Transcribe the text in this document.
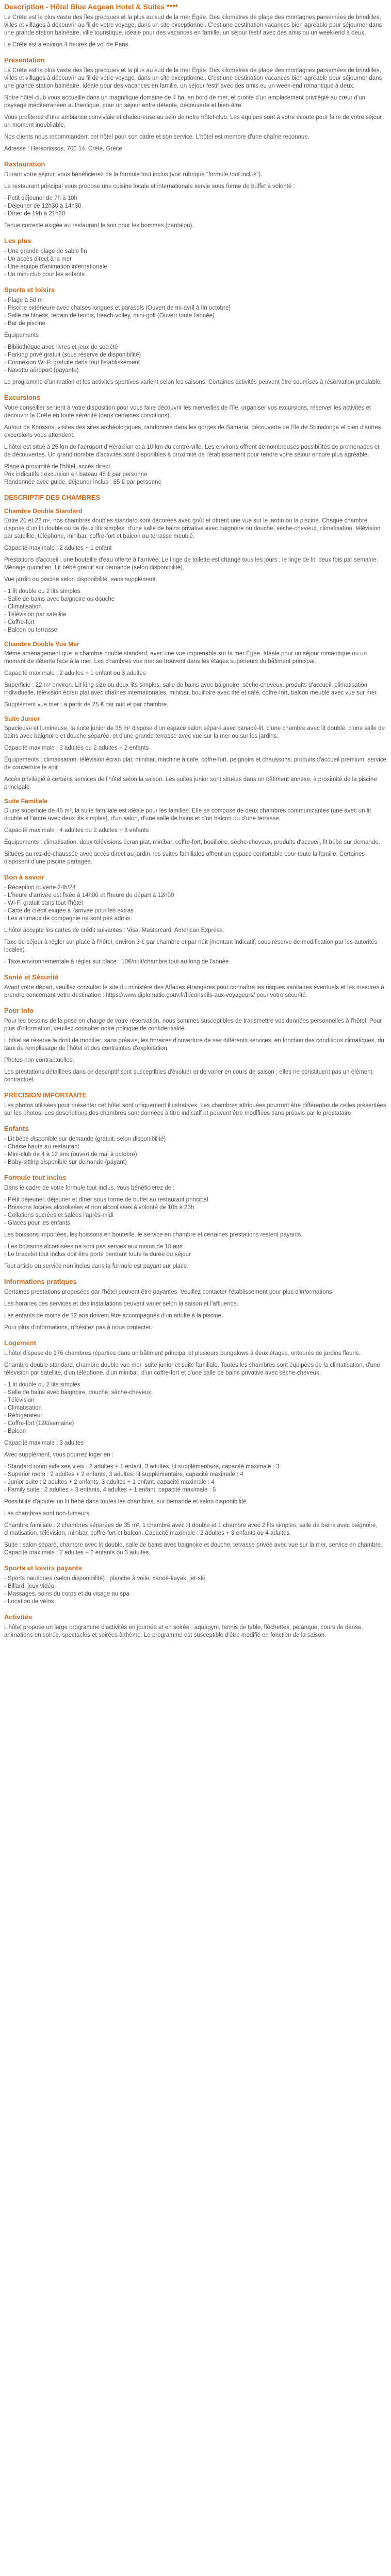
Description - Hôtel Blue Aegean Hotel & Suites ****

Le Crète est le plus vaste des îles grecques et la plus au sud de la mer Égée. Des kilomètres de plage des montagnes parsemées de brindilles, villes et villages à découvrir au fil de votre voyage, dans un site exceptionnel. C'est une destination vacances bien agréable pour séjourner dans une grande station balnéaire, ville touristique, idéale pour des vacances en famille, un séjour festif avec des amis ou un week-end à deux.

Le Crète est à environ 4 heures de vol de Paris.

Présentation

La Crète est la plus vaste des îles grecques et la plus au sud de la mer Égée. Des kilomètres de plage des montagnes parsemées de brindilles, villes et villages à découvrir au fil de votre voyage, dans un site exceptionnel. C'est une destination vacances bien agréable pour séjourner dans une grande station balnéaire, idéale pour des vacances en famille, un séjour festif avec des amis ou un week-end romantique à deux.

Notre hôtel-club vous accueille dans un magnifique domaine de 4 ha, en bord de mer, et profite d'un emplacement privilégié au cœur d'un paysage méditerranéen authentique, pour un séjour entre détente, découverte et bien-être.

Vous profiterez d'une ambiance conviviale et chaleureuse au sein de notre hôtel-club. Les équipes sont à votre écoute pour faire de votre séjour un moment inoubliable.

Nos clients nous recommandent cet hôtel pour son cadre et son service. L'hôtel est membre d'une chaîne reconnue.

Adresse : Hersonissos, 700 14, Crète, Grèce

Restauration

Durant votre séjour, vous bénéficierez de la formule tout inclus (voir rubrique "formule tout inclus").

Le restaurant principal vous propose une cuisine locale et internationale servie sous forme de buffet à volonté :

- Petit déjeuner de 7h à 10h
- Déjeuner de 12h30 à 14h30
- Dîner de 19h à 21h30

Tenue correcte exigée au restaurant le soir pour les hommes (pantalon).

Les plus

- Une grande plage de sable fin
- Un accès direct à la mer
- Une équipe d'animation internationale
- Un mini-club pour les enfants

Sports et loisirs

- Plage à 50 m
- Piscine extérieure avec chaises longues et parasols (Ouvert de mi-avril à fin octobre)
- Salle de fitness, terrain de tennis, beach-volley, mini-golf (Ouvert toute l'année)
- Bar de piscine

Équipements

- Bibliothèque avec livres et jeux de société
- Parking privé gratuit (sous réserve de disponibilité)
- Connexion Wi-Fi gratuite dans tout l'établissement
- Navette aéroport (payante)

Le programme d'animation et les activités sportives varient selon les saisons. Certaines activités peuvent être soumises à réservation préalable.

Excursions

Votre conseiller se tient à votre disposition pour vous faire découvrir les merveilles de l'île, organiser vos excursions, réserver les activités et découvrir la Crète en toute sérénité (dans certaines conditions).

Autour de Knossos, visites des sites archéologiques, randonnée dans les gorges de Samaria, découverte de l'île de Spinalonga et bien d'autres excursions vous attendent.

L'hôtel est situé à 25 km de l'aéroport d'Héraklion et à 10 km du centre-ville. Les environs offrent de nombreuses possibilités de promenades et de découvertes. Un grand nombre d'activités sont disponibles à proximité de l'établissement pour rendre votre séjour encore plus agréable.

Plage à proximité de l'hôtel, accès direct.
Prix indicatifs : excursion en bateau 45 € par personne
Randonnée avec guide, déjeuner inclus : 65 € par personne

DESCRIPTIF DES CHAMBRES
Chambre Double Standard

Entre 20 et 22 m², nos chambres doubles standard sont décorées avec goût et offrent une vue sur le jardin ou la piscine. Chaque chambre dispose d'un lit double ou de deux lits simples, d'une salle de bains privative avec baignoire ou douche, sèche-cheveux, climatisation, télévision par satellite, téléphone, minibar, coffre-fort et balcon ou terrasse meublé.

Capacité maximale : 2 adultes + 1 enfant

Prestations d'accueil : une bouteille d'eau offerte à l'arrivée. Le linge de toilette est changé tous les jours ; le linge de lit, deux fois par semaine. Ménage quotidien. Lit bébé gratuit sur demande (selon disponibilité).

Vue jardin ou piscine selon disponibilité, sans supplément.

- 1 lit double ou 2 lits simples
- Salle de bains avec baignoire ou douche
- Climatisation
- Télévision par satellite
- Coffre-fort
- Balcon ou terrasse

Chambre Double Vue Mer

Même aménagement que la chambre double standard, avec une vue imprenable sur la mer Égée. Idéale pour un séjour romantique ou un moment de détente face à la mer. Les chambres vue mer se trouvent dans les étages supérieurs du bâtiment principal.

Capacité maximale : 2 adultes + 1 enfant ou 3 adultes

Superficie : 22 m² environ. Lit king size ou deux lits simples, salle de bains avec baignoire, sèche-cheveux, produits d'accueil, climatisation individuelle, télévision écran plat avec chaînes internationales, minibar, bouilloire avec thé et café, coffre-fort, balcon meublé avec vue sur mer.

Supplément vue mer : à partir de 25 € par nuit et par chambre.

Suite Junior

Spacieuse et lumineuse, la suite junior de 35 m² dispose d'un espace salon séparé avec canapé-lit, d'une chambre avec lit double, d'une salle de bains avec baignoire et douche séparée, et d'une grande terrasse avec vue sur la mer ou sur les jardins.

Capacité maximale : 3 adultes ou 2 adultes + 2 enfants

Équipements : climatisation, télévision écran plat, minibar, machine à café, coffre-fort, peignoirs et chaussons, produits d'accueil premium, service de couverture le soir.

Accès privilégié à certains services de l'hôtel selon la saison. Les suites junior sont situées dans un bâtiment annexe, à proximité de la piscine principale.

Suite Familiale

D'une superficie de 45 m², la suite familiale est idéale pour les familles. Elle se compose de deux chambres communicantes (une avec un lit double et l'autre avec deux lits simples), d'un salon, d'une salle de bains et d'un balcon ou d'une terrasse.

Capacité maximale : 4 adultes ou 2 adultes + 3 enfants

Équipements : climatisation, deux télévisions écran plat, minibar, coffre-fort, bouilloire, sèche-cheveux, produits d'accueil, lit bébé sur demande.

Situées au rez-de-chaussée avec accès direct au jardin, les suites familiales offrent un espace confortable pour toute la famille. Certaines disposent d'une piscine partagée.

Bon à savoir

- Réception ouverte 24h/24
- L'heure d'arrivée est fixée à 14h00 et l'heure de départ à 12h00
- Wi-Fi gratuit dans tout l'hôtel
- Carte de crédit exigée à l'arrivée pour les extras
- Les animaux de compagnie ne sont pas admis

L'hôtel accepte les cartes de crédit suivantes : Visa, Mastercard, American Express.

Taxe de séjour à régler sur place à l'hôtel, environ 3 € par chambre et par nuit (montant indicatif, sous réserve de modification par les autorités locales).

- Taxe environnementale à régler sur place : 10€/nuit/chambre tout au long de l'année

Santé et Sécurité

Avant votre départ, veuillez consulter le site du ministère des Affaires étrangères pour connaître les risques sanitaires éventuels et les mesures à prendre concernant votre destination : https://www.diplomatie.gouv.fr/fr/conseils-aux-voyageurs/ pour votre sécurité.

Pour info

Pour les besoins de la prise en charge de votre réservation, nous sommes susceptibles de transmettre vos données personnelles à l'hôtel. Pour plus d'information, veuillez consulter notre politique de confidentialité.

L'hôtel se réserve le droit de modifier, sans préavis, les horaires d'ouverture de ses différents services, en fonction des conditions climatiques, du taux de remplissage de l'hôtel et des contraintes d'exploitation.

Photos non contractuelles.

Les prestations détaillées dans ce descriptif sont susceptibles d'évoluer et de varier en cours de saison ; elles ne constituent pas un élément contractuel.

PRÉCISION IMPORTANTE

Les photos utilisées pour présenter cet hôtel sont uniquement illustratives. Les chambres attribuées pourront être différentes de celles présentées sur les photos. Les descriptions des chambres sont données à titre indicatif et peuvent être modifiées sans préavis par le prestataire.

Enfants

- Lit bébé disponible sur demande (gratuit, selon disponibilité)
- Chaise haute au restaurant
- Mini-club de 4 à 12 ans (ouvert de mai à octobre)
- Baby-sitting disponible sur demande (payant)

Formule tout inclus

Dans le cadre de votre formule tout inclus, vous bénéficierez de :

- Petit déjeuner, déjeuner et dîner sous forme de buffet au restaurant principal
- Boissons locales alcoolisées et non alcoolisées à volonté de 10h à 23h
- Collations sucrées et salées l'après-midi
- Glaces pour les enfants

Les boissons importées, les boissons en bouteille, le service en chambre et certaines prestations restent payants.

- Les boissons alcoolisées ne sont pas servies aux moins de 18 ans
- Le bracelet tout inclus doit être porté pendant toute la durée du séjour

Tout article ou service non inclus dans la formule est payant sur place.

Informations pratiques

Certaines prestations proposées par l'hôtel peuvent être payantes. Veuillez contacter l'établissement pour plus d'informations.

Les horaires des services et des installations peuvent varier selon la saison et l'affluence.

Les enfants de moins de 12 ans doivent être accompagnés d'un adulte à la piscine.

Pour plus d'informations, n'hésitez pas à nous contacter.

Logement

L'hôtel dispose de 176 chambres réparties dans un bâtiment principal et plusieurs bungalows à deux étages, entourés de jardins fleuris.

Chambre double standard, chambre double vue mer, suite junior et suite familiale. Toutes les chambres sont équipées de la climatisation, d'une télévision par satellite, d'un téléphone, d'un minibar, d'un coffre-fort et d'une salle de bains privative avec sèche-cheveux.

- 1 lit double ou 2 lits simples
- Salle de bains avec baignoire, douche, sèche-cheveux
- Télévision
- Climatisation
- Réfrigérateur
- Coffre-fort (12€/semaine)
- Balcon

Capacité maximale : 3 adultes

Avec supplément, vous pourrez loger en :

- Standard room side sea view : 2 adultes + 1 enfant, 3 adultes, lit supplémentaire, capacité maximale : 3
- Superior room : 2 adultes + 2 enfants, 3 adultes, lit supplémentaire, capacité maximale : 4
- Junior suite : 2 adultes + 2 enfants, 3 adultes + 1 enfant, capacité maximale : 4
- Family suite : 2 adultes + 3 enfants, 4 adultes + 1 enfant, capacité maximale : 5

Possibilité d'ajouter un lit bébé dans toutes les chambres, sur demande et selon disponibilité.

Les chambres sont non-fumeurs.

Chambre familiale : 2 chambres séparées de 35 m², 1 chambre avec lit double et 1 chambre avec 2 lits simples, salle de bains avec baignoire, climatisation, télévision, minibar, coffre-fort et balcon. Capacité maximale : 2 adultes + 3 enfants ou 4 adultes.

Suite : salon séparé, chambre avec lit double, salle de bains avec baignoire et douche, terrasse privée avec vue sur la mer, service en chambre. Capacité maximale : 2 adultes + 2 enfants ou 3 adultes.

Sports et loisirs payants

- Sports nautiques (selon disponibilité) : planche à voile, canoë-kayak, jet-ski
- Billard, jeux vidéo
- Massages, soins du corps et du visage au spa
- Location de vélos

Activités

L'hôtel propose un large programme d'activités en journée et en soirée : aquagym, tennis de table, fléchettes, pétanque, cours de danse, animations en soirée, spectacles et soirées à thème. Le programme est susceptible d'être modifié en fonction de la saison.
